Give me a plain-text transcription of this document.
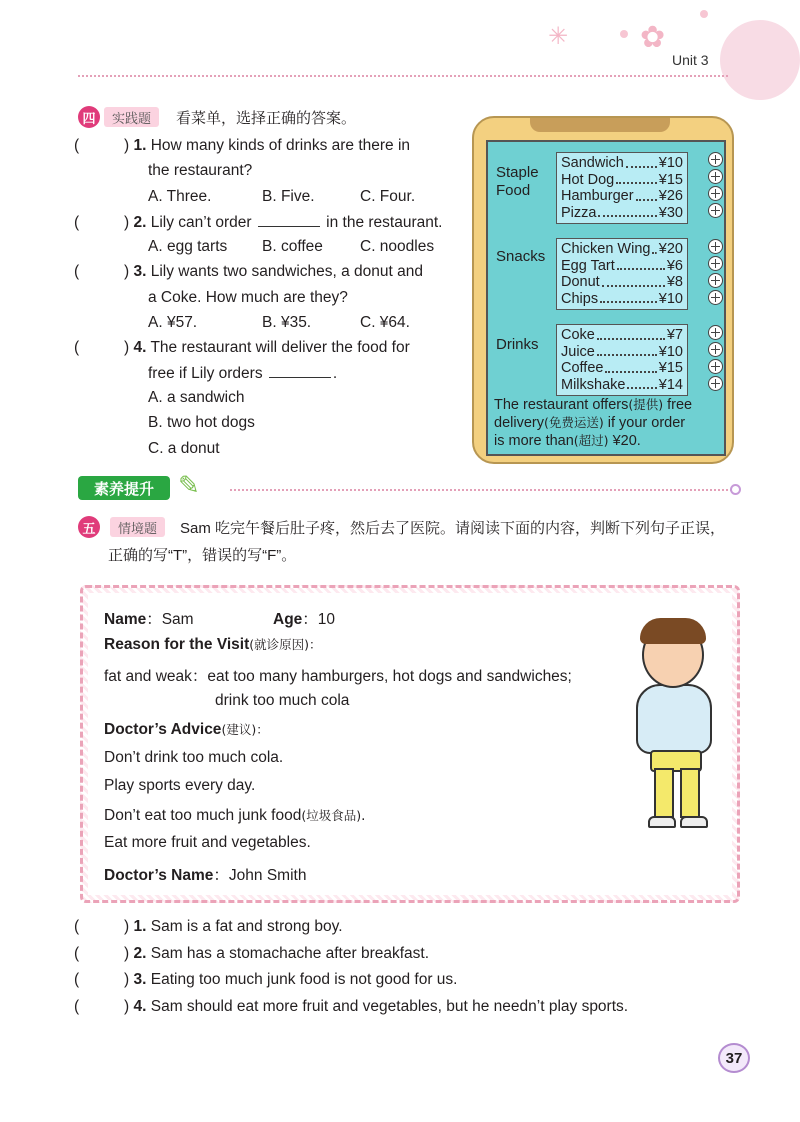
✳ ✿
Unit 3
四	实践题	看菜单，选择正确的答案。
(	) 1. How many kinds of drinks are there in
the restaurant?
A. Three.	B. Five.	C. Four.
(	) 2. Lily can’t order	in the restaurant.
A. egg tarts B. coffee C. noodles
(	) 3. Lily wants two sandwiches, a donut and
a Coke. How much are they?
A. ¥57.	B. ¥35.	C. ¥64.
(	) 4. The restaurant will deliver the food for
free if Lily orders	.
A. a sandwich
B. two hot dogs
C. a donut
Staple
Food
Sandwich ¥10
Hot Dog	¥15
Hamburger ¥26
Pizza	¥30
Snacks Chicken Wing ¥20
Egg Tart	¥6
Donut	¥8
Chips	¥10
Drinks
Coke	¥7
Juice	¥10
Coffee	¥15
Milkshake ¥14
The restaurant offers(提供) free
delivery(免费运送) if your order
is more than(超过) ¥20.
素养提升 ✎
五	情境题	Sam 吃完午餐后肚子疼，然后去了医院。请阅读下面的内容，判断下列句子正误，
正确的写“T”，错误的写“F”。
Name：Sam	Age：10
Reason for the Visit(就诊原因)：
fat and weak：eat too many hamburgers, hot dogs and sandwiches;
drink too much cola
Doctor’s Advice(建议)：
Don’t drink too much cola.
Play sports every day.
Don’t eat too much junk food(垃圾食品).
Eat more fruit and vegetables.
Doctor’s Name：John Smith
(	) 1. Sam is a fat and strong boy.
(	) 2. Sam has a stomachache after breakfast.
(	) 3. Eating too much junk food is not good for us.
(	) 4. Sam should eat more fruit and vegetables, but he needn’t play sports.
37
